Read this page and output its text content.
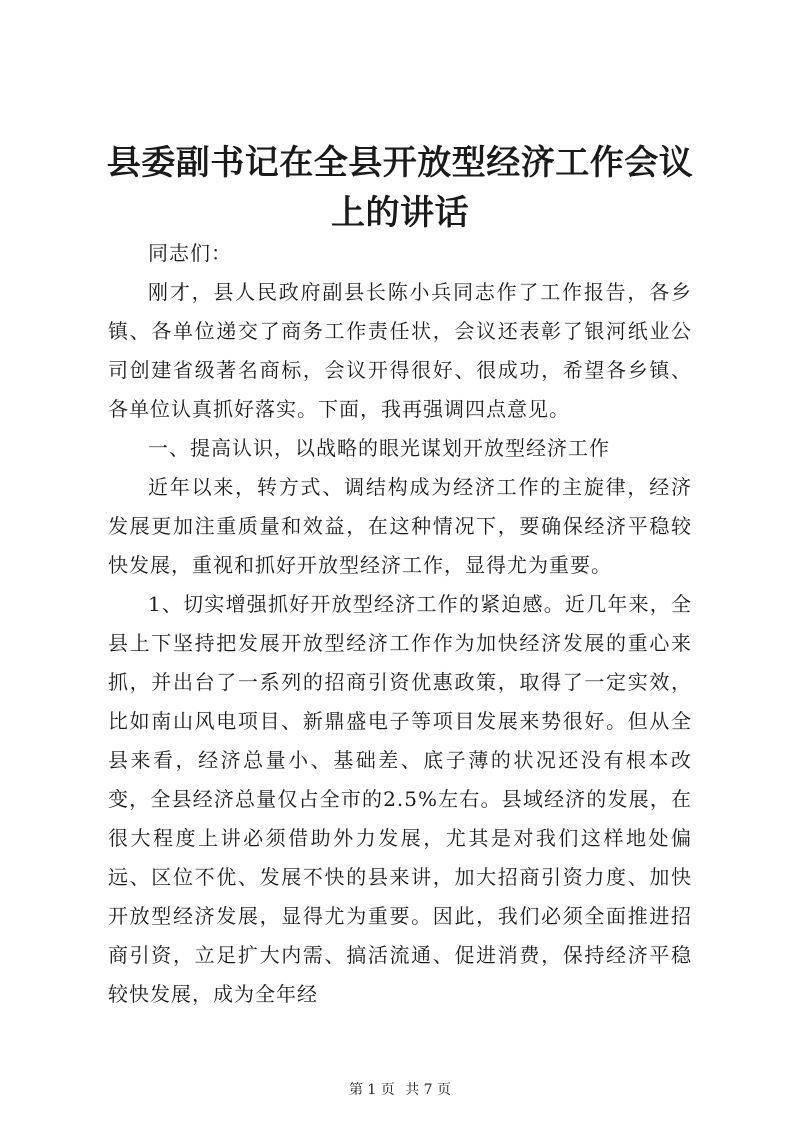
县委副书记在全县开放型经济工作会议上的讲话

同志们：

刚才，县人民政府副县长陈小兵同志作了工作报告，各乡镇、各单位递交了商务工作责任状，会议还表彰了银河纸业公司创建省级著名商标，会议开得很好、很成功，希望各乡镇、各单位认真抓好落实。下面，我再强调四点意见。

一、提高认识，以战略的眼光谋划开放型经济工作

近年以来，转方式、调结构成为经济工作的主旋律，经济发展更加注重质量和效益，在这种情况下，要确保经济平稳较快发展，重视和抓好开放型经济工作，显得尤为重要。

1、切实增强抓好开放型经济工作的紧迫感。近几年来，全县上下坚持把发展开放型经济工作作为加快经济发展的重心来抓，并出台了一系列的招商引资优惠政策，取得了一定实效，比如南山风电项目、新鼎盛电子等项目发展来势很好。但从全县来看，经济总量小、基础差、底子薄的状况还没有根本改变，全县经济总量仅占全市的2.5%左右。县域经济的发展，在很大程度上讲必须借助外力发展，尤其是对我们这样地处偏远、区位不优、发展不快的县来讲，加大招商引资力度、加快开放型经济发展，显得尤为重要。因此，我们必须全面推进招商引资，立足扩大内需、搞活流通、促进消费，保持经济平稳较快发展，成为全年经

第 1 页 共 7 页
